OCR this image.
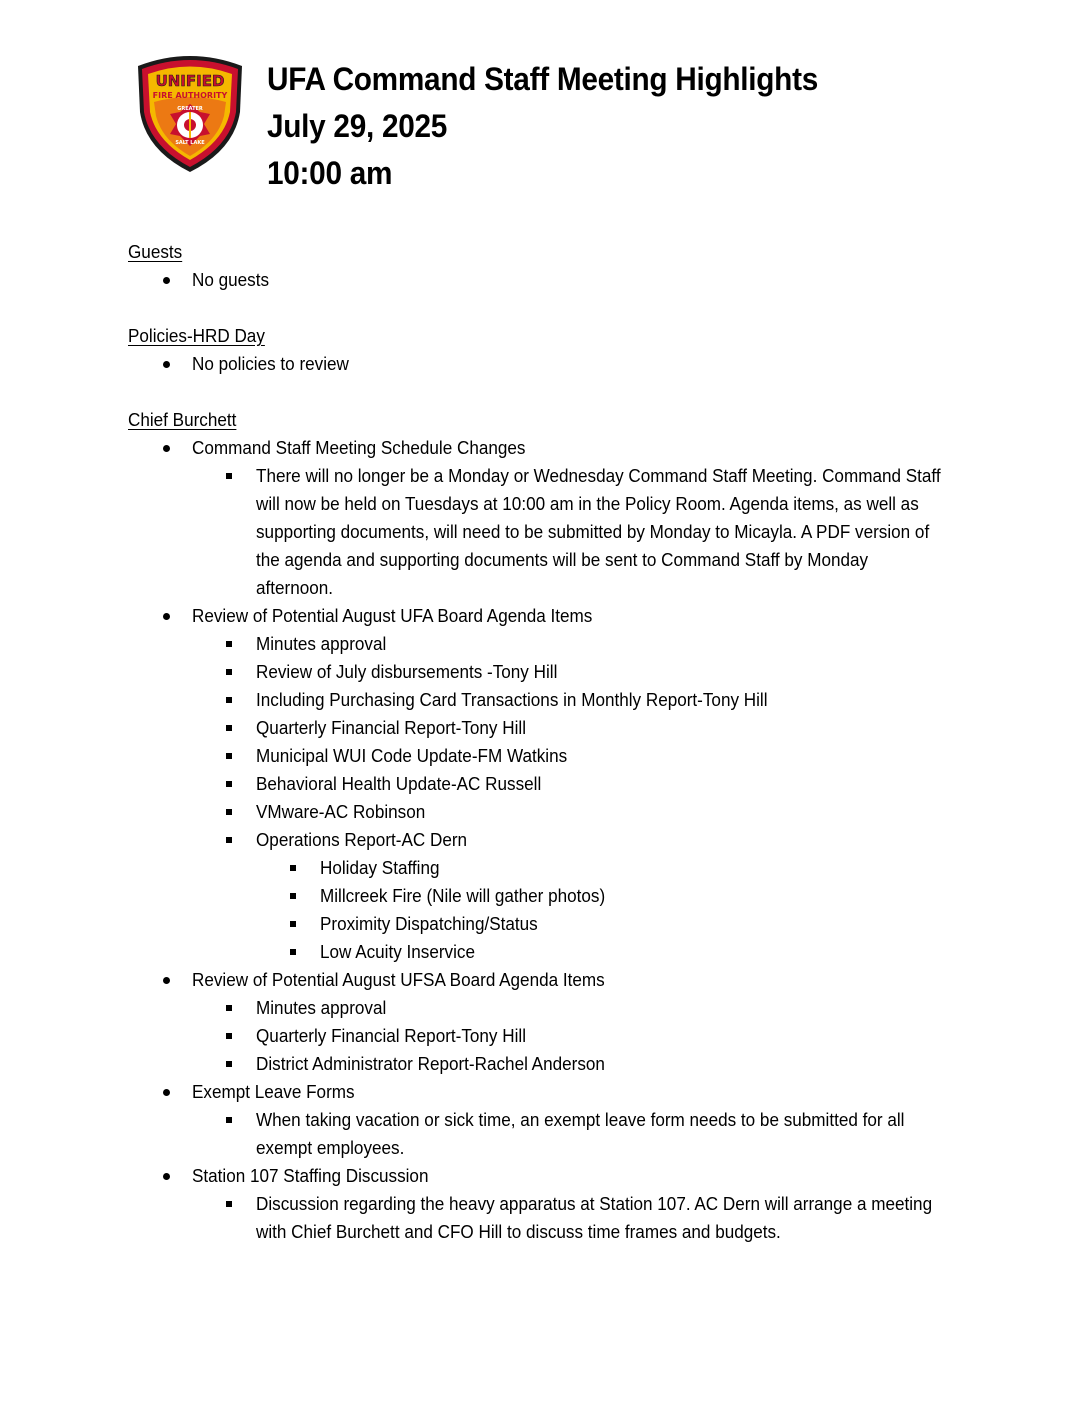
UNIFIED
FIRE AUTHORITY
GREATER
SALT LAKE
UFA Command Staff Meeting Highlights
July 29, 2025
10:00 am
Guests
No guests
Policies-HRD Day
No policies to review
Chief Burchett
Command Staff Meeting Schedule Changes
There will no longer be a Monday or Wednesday Command Staff Meeting. Command Staff will now be held on Tuesdays at 10:00 am in the Policy Room. Agenda items, as well as supporting documents, will need to be submitted by Monday to Micayla. A PDF version of the agenda and supporting documents will be sent to Command Staff by Monday afternoon.
Review of Potential August UFA Board Agenda Items
Minutes approval
Review of July disbursements -Tony Hill
Including Purchasing Card Transactions in Monthly Report-Tony Hill
Quarterly Financial Report-Tony Hill
Municipal WUI Code Update-FM Watkins
Behavioral Health Update-AC Russell
VMware-AC Robinson
Operations Report-AC Dern
Holiday Staffing
Millcreek Fire (Nile will gather photos)
Proximity Dispatching/Status
Low Acuity Inservice
Review of Potential August UFSA Board Agenda Items
Minutes approval
Quarterly Financial Report-Tony Hill
District Administrator Report-Rachel Anderson
Exempt Leave Forms
When taking vacation or sick time, an exempt leave form needs to be submitted for all exempt employees.
Station 107 Staffing Discussion
Discussion regarding the heavy apparatus at Station 107. AC Dern will arrange a meeting with Chief Burchett and CFO Hill to discuss time frames and budgets.
